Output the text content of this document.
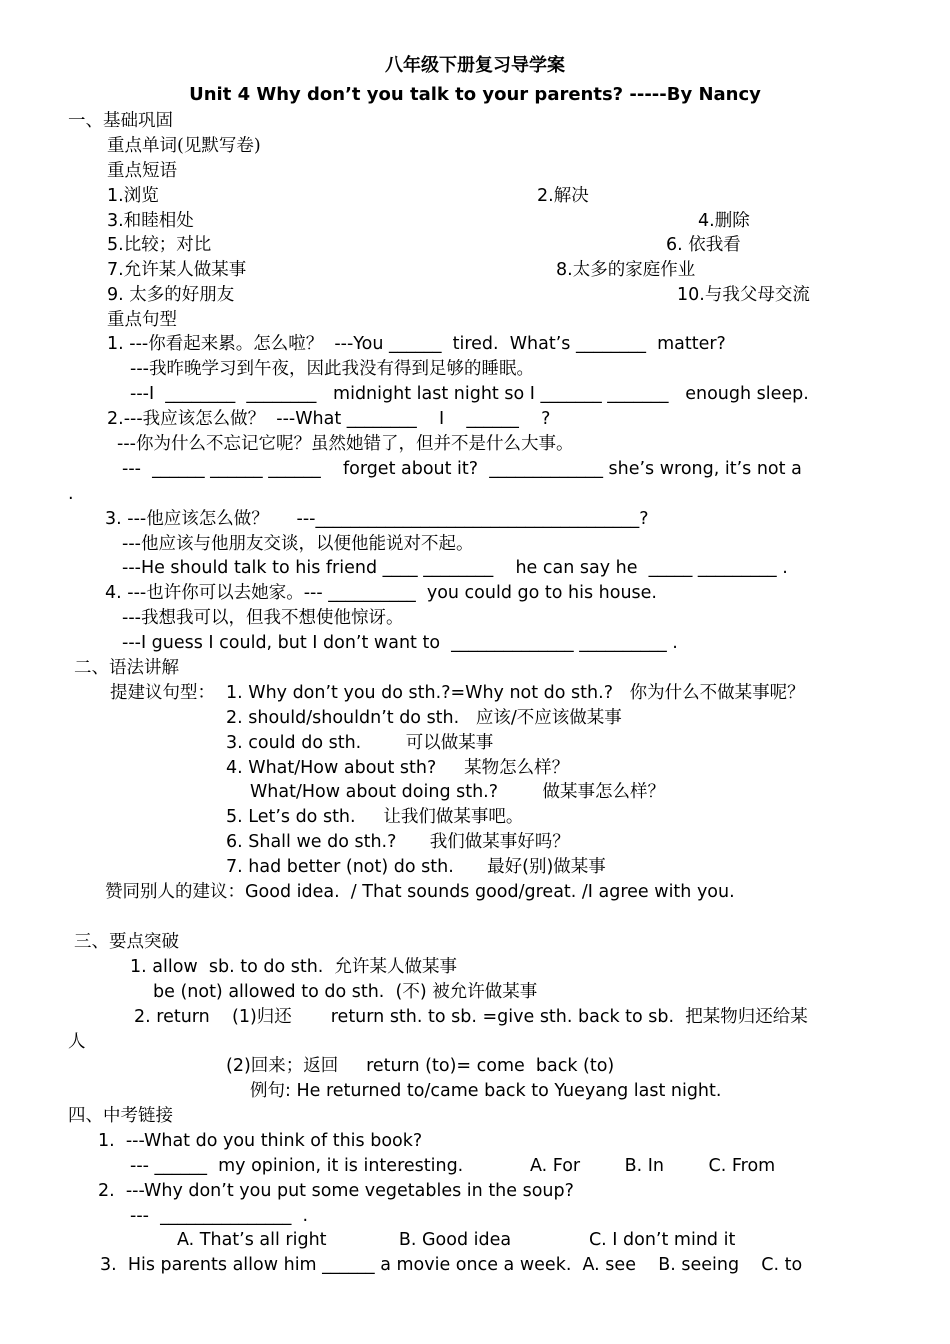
八年级下册复习导学案
Unit 4 Why don’t you talk to your parents? -----By Nancy
一、基础巩固
重点单词(见默写卷)
重点短语
1.浏览	2.解决
3.和睦相处	4.删除
5.比较；对比	6. 依我看
7.允许某人做某事	8.太多的家庭作业
9. 太多的好朋友	10.与我父母交流
重点句型
1. ---你看起来累。怎么啦？  ---You ______  tired.  What’s ________  matter?
---我昨晚学习到午夜，因此我没有得到足够的睡眠。
---I  ________  ________   midnight last night so I _______ _______   enough sleep.
2.---我应该怎么做？  ---What ________    I    ______    ?
---你为什么不忘记它呢？虽然她错了，但并不是什么大事。
---  ______ ______ ______    forget about it?  _____________ she’s wrong, it’s not a
.
3. ---他应该怎么做？     ---_____________________________________?
---他应该与他朋友交谈，以便他能说对不起。
---He should talk to his friend ____ ________    he can say he  _____ _________ .
4. ---也许你可以去她家。--- __________  you could go to his house.
---我想我可以，但我不想使他惊讶。
---I guess I could, but I don’t want to  ______________ __________ .
二、语法讲解
提建议句型： 1. Why don’t you do sth.?=Why not do sth.?   你为什么不做某事呢？
2. should/shouldn’t do sth.   应该/不应该做某事
3. could do sth.        可以做某事
4. What/How about sth?     某物怎么样？
What/How about doing sth.?        做某事怎么样？
5. Let’s do sth.     让我们做某事吧。
6. Shall we do sth.?      我们做某事好吗？
7. had better (not) do sth.      最好(别)做某事
赞同别人的建议：Good idea.  / That sounds good/great. /I agree with you.
三、要点突破
1. allow  sb. to do sth.  允许某人做某事
be (not) allowed to do sth.  (不) 被允许做某事
2. return    (1)归还       return sth. to sb. =give sth. back to sb.  把某物归还给某
人
(2)回来；返回     return (to)= come  back (to)
例句: He returned to/came back to Yueyang last night.
四、中考链接
1.  ---What do you think of this book?
--- ______  my opinion, it is interesting.            A. For        B. In        C. From
2.  ---Why don’t you put some vegetables in the soup?
---  _______________  .
A. That’s all right             B. Good idea              C. I don’t mind it
3.  His parents allow him ______ a movie once a week.  A. see    B. seeing    C. to
